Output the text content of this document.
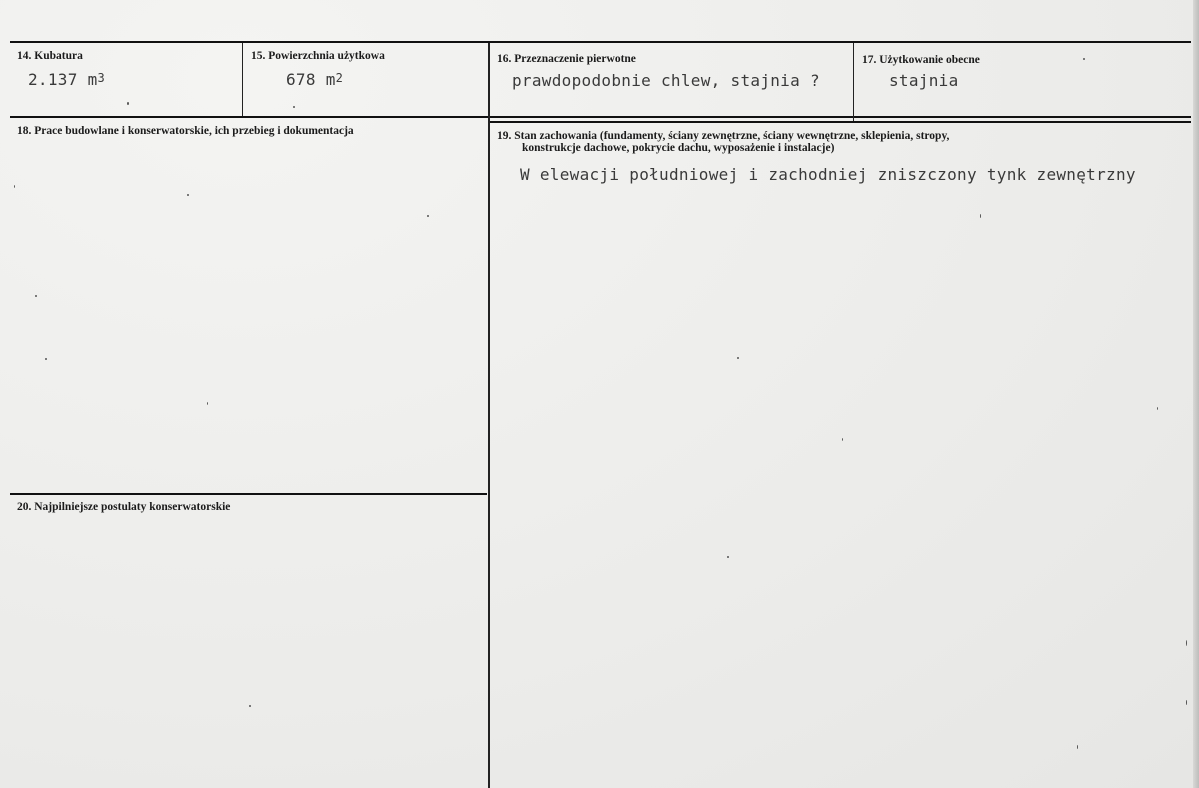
14. Kubatura
2.137 $m^3$
15. Powierzchnia użytkowa
678 $m^2$
16. Przeznaczenie pierwotne
prawdopodobnie chlew, stajnia ?
17. Użytkowanie obecne
stajnia
18. Prace budowlane i konserwatorskie, ich przebieg i dokumentacja	19. Stan zachowania (fundamenty, ściany zewnętrzne, ściany wewnętrzne, sklepienia, stropy,
konstrukcje dachowe, pokrycie dachu, wyposażenie i instalacje)
W elewacji południowej i zachodniej zniszczony tynk zewnętrzny
20. Najpilniejsze postulaty konserwatorskie
